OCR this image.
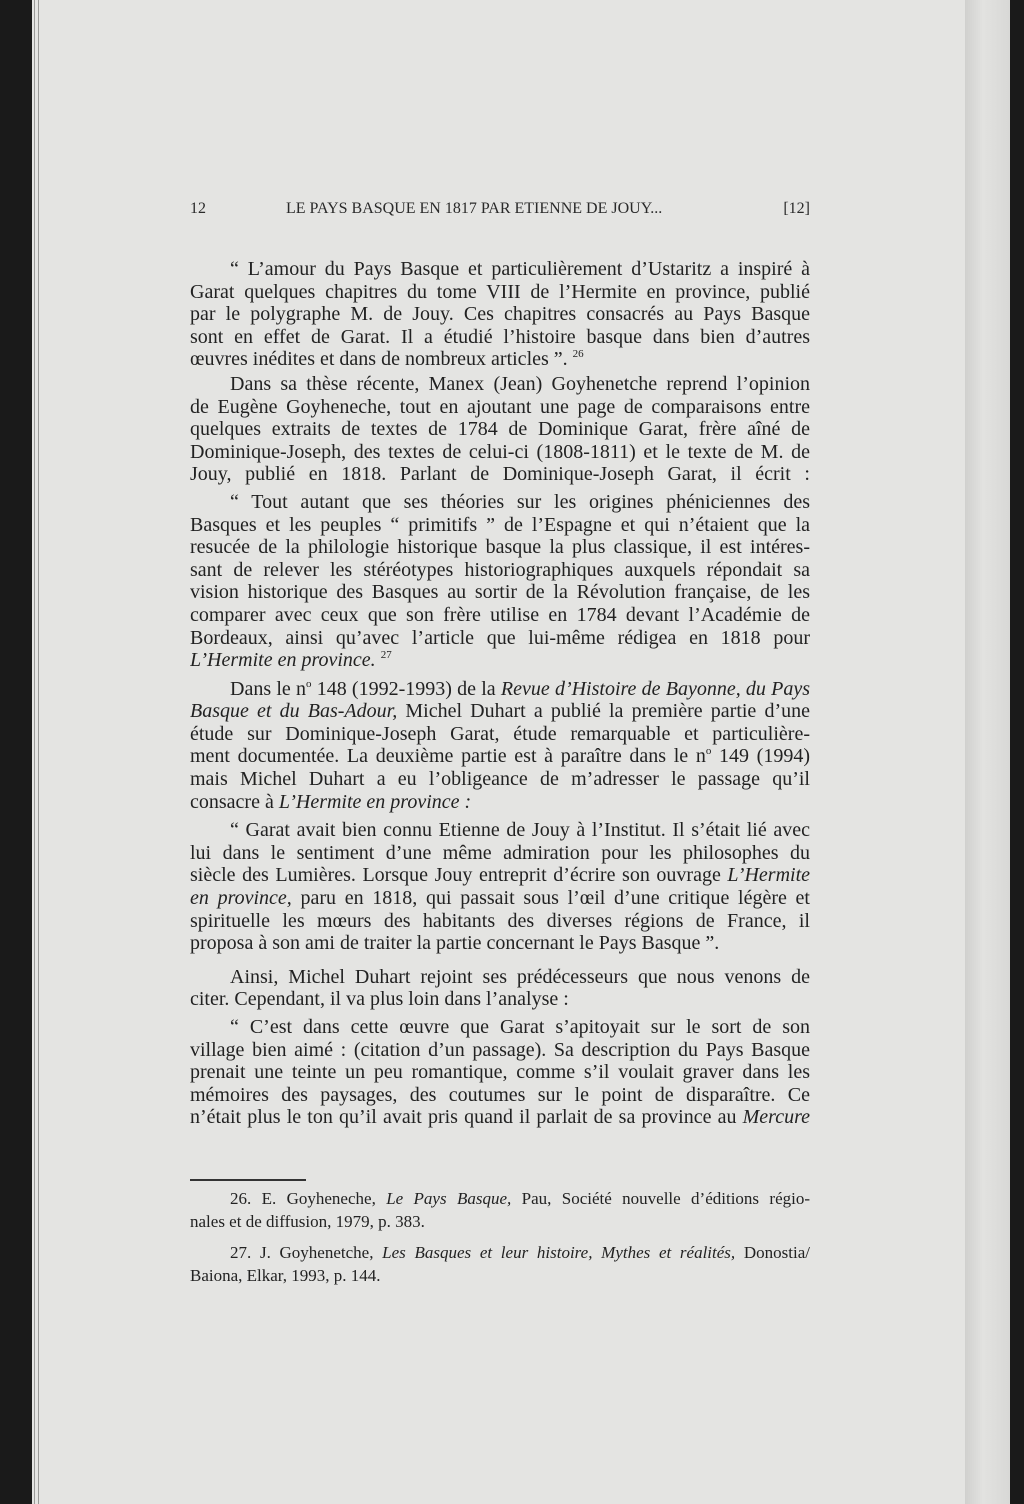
12	LE PAYS BASQUE EN 1817 PAR ETIENNE DE JOUY...	[12]
“ L’amour du Pays Basque et particulièrement d’Ustaritz a inspiré à
Garat quelques chapitres du tome VIII de l’Hermite en province, publié
par le polygraphe M. de Jouy. Ces chapitres consacrés au Pays Basque
sont en effet de Garat. Il a étudié l’histoire basque dans bien d’autres
œuvres inédites et dans de nombreux articles ”. $^{26}$
Dans sa thèse récente, Manex (Jean) Goyhenetche reprend l’opinion
de Eugène Goyheneche, tout en ajoutant une page de comparaisons entre
quelques extraits de textes de 1784 de Dominique Garat, frère aîné de
Dominique-Joseph, des textes de celui-ci (1808-1811) et le texte de M. de
Jouy, publié en 1818. Parlant de Dominique-Joseph Garat, il écrit :
“ Tout autant que ses théories sur les origines phéniciennes des
Basques et les peuples “ primitifs ” de l’Espagne et qui n’étaient que la
resucée de la philologie historique basque la plus classique, il est intéres-
sant de relever les stéréotypes historiographiques auxquels répondait sa
vision historique des Basques au sortir de la Révolution française, de les
comparer avec ceux que son frère utilise en 1784 devant l’Académie de
Bordeaux, ainsi qu’avec l’article que lui-même rédigea en 1818 pour
L’Hermite en province. $^{27}$
Dans le $n^o$ 148 (1992-1993) de la Revue d’Histoire de Bayonne, du Pays
Basque et du Bas-Adour, Michel Duhart a publié la première partie d’une
étude sur Dominique-Joseph Garat, étude remarquable et particulière-
ment documentée. La deuxième partie est à paraître dans le $n^o$ 149 (1994)
mais Michel Duhart a eu l’obligeance de m’adresser le passage qu’il
consacre à L’Hermite en province :
“ Garat avait bien connu Etienne de Jouy à l’Institut. Il s’était lié avec
lui dans le sentiment d’une même admiration pour les philosophes du
siècle des Lumières. Lorsque Jouy entreprit d’écrire son ouvrage L’Hermite
en province, paru en 1818, qui passait sous l’œil d’une critique légère et
spirituelle les mœurs des habitants des diverses régions de France, il
proposa à son ami de traiter la partie concernant le Pays Basque ”.
Ainsi, Michel Duhart rejoint ses prédécesseurs que nous venons de
citer. Cependant, il va plus loin dans l’analyse :
“ C’est dans cette œuvre que Garat s’apitoyait sur le sort de son
village bien aimé : (citation d’un passage). Sa description du Pays Basque
prenait une teinte un peu romantique, comme s’il voulait graver dans les
mémoires des paysages, des coutumes sur le point de disparaître. Ce
n’était plus le ton qu’il avait pris quand il parlait de sa province au Mercure
26. E. Goyheneche, Le Pays Basque, Pau, Société nouvelle d’éditions régio-
nales et de diffusion, 1979, p. 383.
27. J. Goyhenetche, Les Basques et leur histoire, Mythes et réalités, Donostia/
Baiona, Elkar, 1993, p. 144.
